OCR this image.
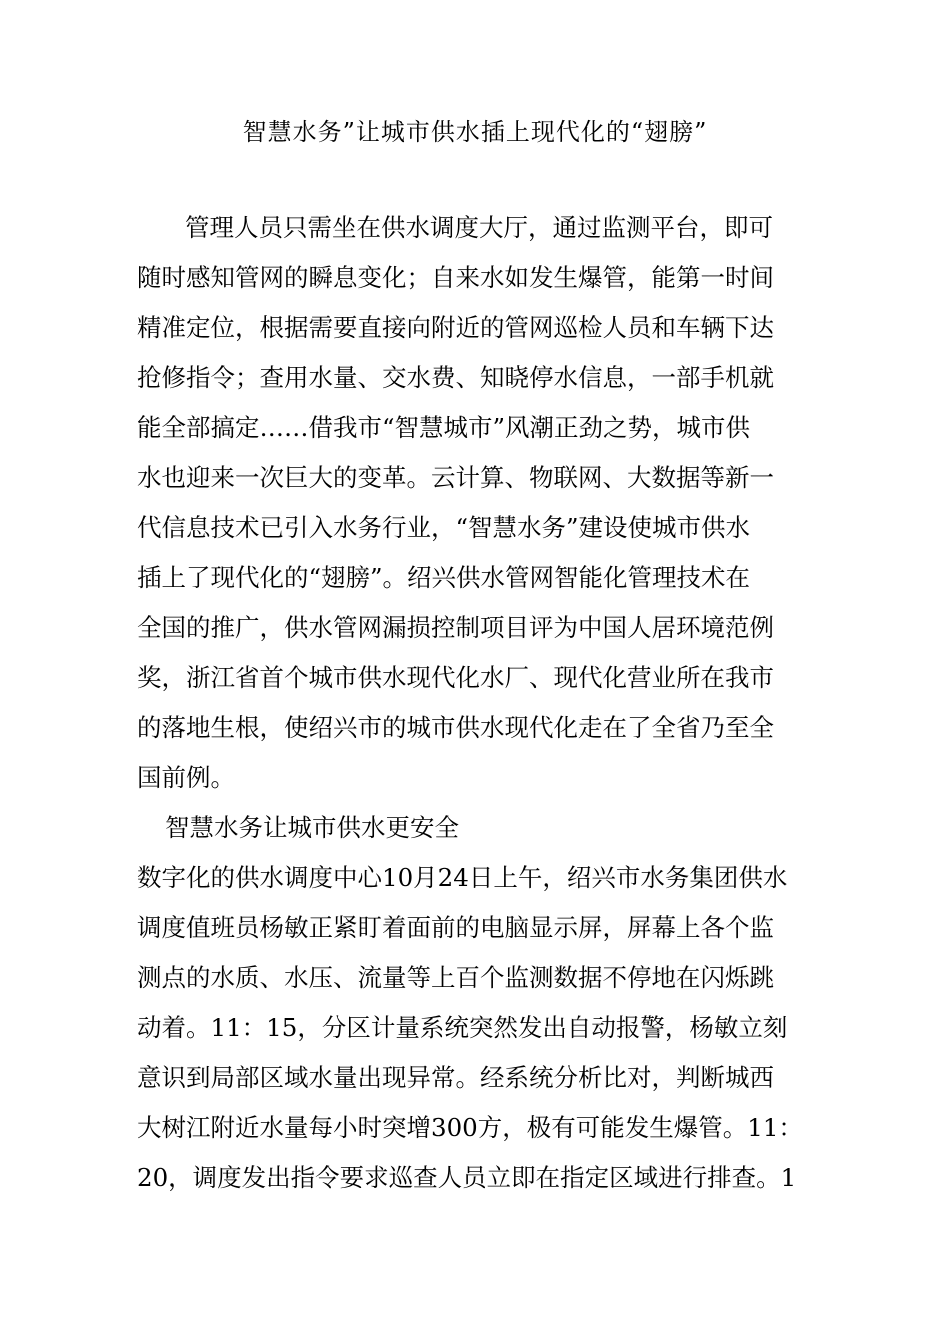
智慧水务”让城市供水插上现代化的“翅膀”
管理人员只需坐在供水调度大厅，通过监测平台，即可
随时感知管网的瞬息变化；自来水如发生爆管，能第一时间
精准定位，根据需要直接向附近的管网巡检人员和车辆下达
抢修指令；查用水量、交水费、知晓停水信息，一部手机就
能全部搞定……借我市“智慧城市”风潮正劲之势，城市供
水也迎来一次巨大的变革。云计算、物联网、大数据等新一
代信息技术已引入水务行业，“智慧水务”建设使城市供水
插上了现代化的“翅膀”。绍兴供水管网智能化管理技术在
全国的推广，供水管网漏损控制项目评为中国人居环境范例
奖，浙江省首个城市供水现代化水厂、现代化营业所在我市
的落地生根，使绍兴市的城市供水现代化走在了全省乃至全
国前例。
智慧水务让城市供水更安全
数字化的供水调度中心10月24日上午，绍兴市水务集团供水
调度值班员杨敏正紧盯着面前的电脑显示屏，屏幕上各个监
测点的水质、水压、流量等上百个监测数据不停地在闪烁跳
动着。11：15，分区计量系统突然发出自动报警，杨敏立刻
意识到局部区域水量出现异常。经系统分析比对，判断城西
大树江附近水量每小时突增300方，极有可能发生爆管。11：
20，调度发出指令要求巡查人员立即在指定区域进行排查。1
